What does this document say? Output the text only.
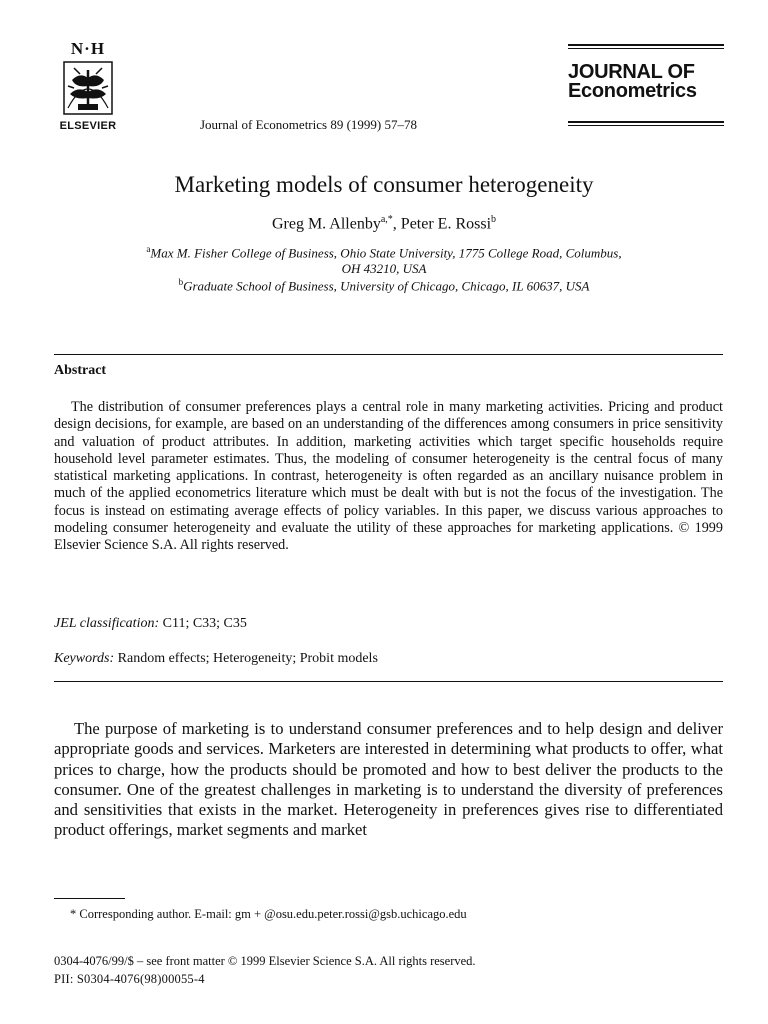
N·H
ELSEVIER	Journal of Econometrics 89 (1999) 57–78
JOURNAL OF
Econometrics
Marketing models of consumer heterogeneity
Greg M. Allenby$^{a,*}$, Peter E. Rossi$^b$
$^a$Max M. Fisher College of Business, Ohio State University, 1775 College Road, Columbus,
OH 43210, USA
$^b$Graduate School of Business, University of Chicago, Chicago, IL 60637, USA
Abstract
The distribution of consumer preferences plays a central role in many marketing activities. Pricing and product design decisions, for example, are based on an understanding of the differences among consumers in price sensitivity and valuation of product attributes. In addition, marketing activities which target specific households require household level parameter estimates. Thus, the modeling of consumer heterogeneity is the central focus of many statistical marketing applications. In contrast, heterogeneity is often regarded as an ancillary nuisance problem in much of the applied econometrics literature which must be dealt with but is not the focus of the investigation. The focus is instead on estimating average effects of policy variables. In this paper, we discuss various approaches to modeling consumer heterogeneity and evaluate the utility of these approaches for marketing applications. © 1999 Elsevier Science S.A. All rights reserved.
JEL classification: C11; C33; C35
Keywords: Random effects; Heterogeneity; Probit models
The purpose of marketing is to understand consumer preferences and to help design and deliver appropriate goods and services. Marketers are interested in determining what products to offer, what prices to charge, how the products should be promoted and how to best deliver the products to the consumer. One of the greatest challenges in marketing is to understand the diversity of preferences and sensitivities that exists in the market. Heterogeneity in preferences gives rise to differentiated product offerings, market segments and market
* Corresponding author. E-mail: gm + @osu.edu.peter.rossi@gsb.uchicago.edu
0304-4076/99/$ – see front matter © 1999 Elsevier Science S.A. All rights reserved.
PII: S0304-4076(98)00055-4
